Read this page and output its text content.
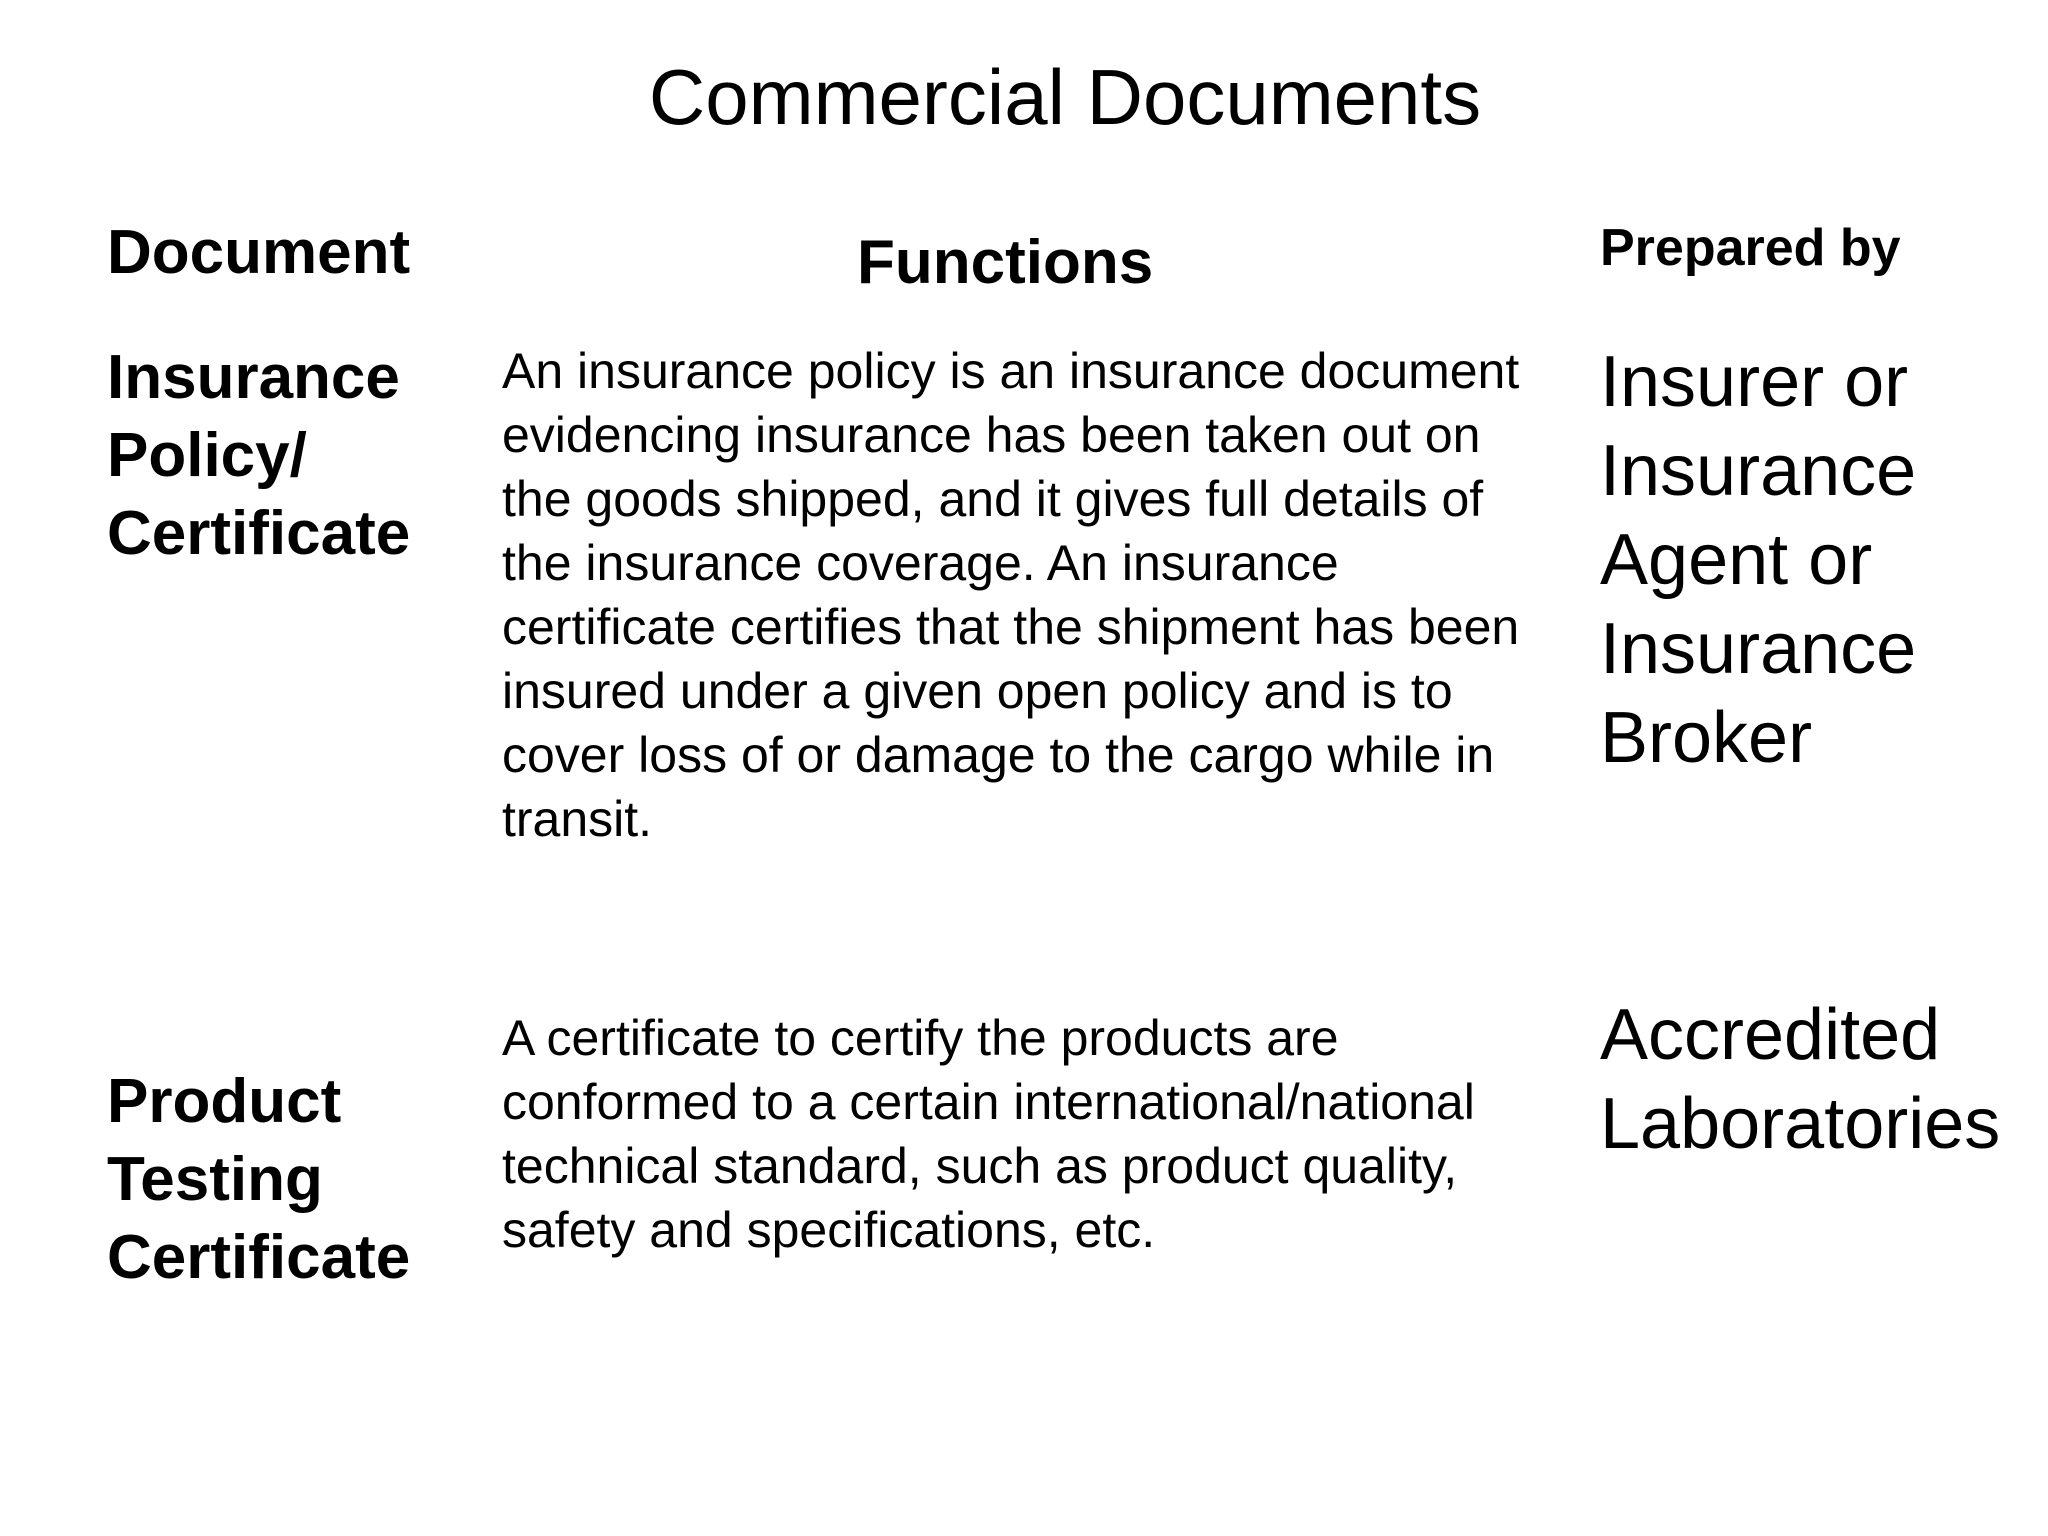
Commercial Documents
Document	Functions	Prepared by
Insurance Policy/ Certificate
An insurance policy is an insurance document evidencing insurance has been taken out on the goods shipped, and it gives full details of the insurance coverage. An insurance certificate certifies that the shipment has been insured under a given open policy and is to cover loss of or damage to the cargo while in transit.
Insurer or Insurance Agent or Insurance Broker
Product Testing Certificate
A certificate to certify the products are conformed to a certain international/national technical standard, such as product quality, safety and specifications, etc.
Accredited Laboratories
